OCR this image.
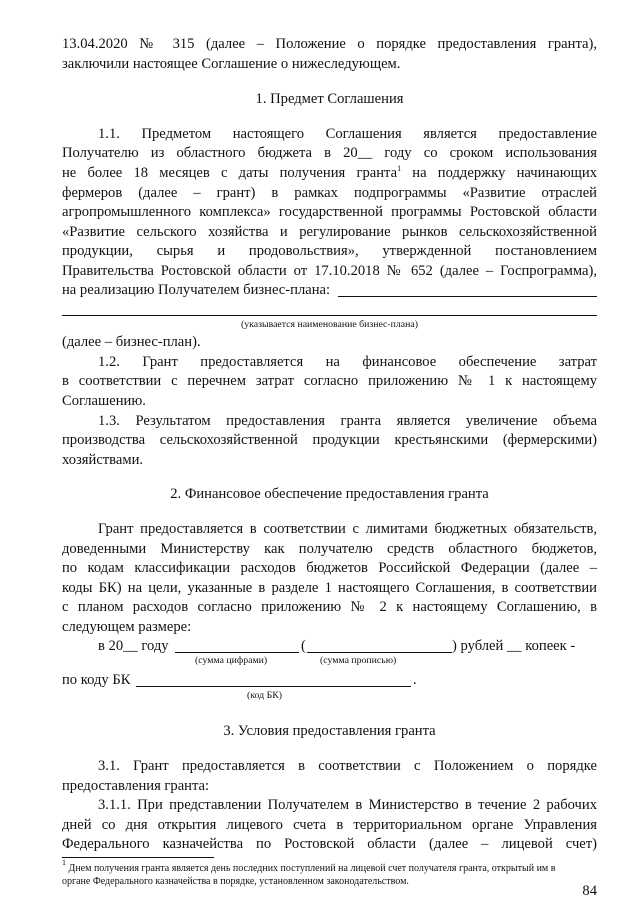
13.04.2020 № 315 (далее – Положение о порядке предоставления гранта),
заключили настоящее Соглашение о нижеследующем.
1. Предмет Соглашения
1.1. Предметом настоящего Соглашения является предоставление
Получателю из областного бюджета в 20__ году со сроком использования
не более 18 месяцев с даты получения гранта$^1$ на поддержку начинающих
фермеров (далее – грант) в рамках подпрограммы «Развитие отраслей
агропромышленного комплекса» государственной программы Ростовской области
«Развитие сельского хозяйства и регулирование рынков сельскохозяйственной
продукции, сырья и продовольствия», утвержденной постановлением
Правительства Ростовской области от 17.10.2018 № 652 (далее – Госпрограмма),
на реализацию Получателем бизнес-плана:
(указывается наименование бизнес-плана)
(далее – бизнес-план).
1.2. Грант предоставляется на финансовое обеспечение затрат
в соответствии с перечнем затрат согласно приложению № 1 к настоящему
Соглашению.
1.3. Результатом предоставления гранта является увеличение объема
производства сельскохозяйственной продукции крестьянскими (фермерскими)
хозяйствами.
2. Финансовое обеспечение предоставления гранта
Грант предоставляется в соответствии с лимитами бюджетных обязательств,
доведенными Министерству как получателю средств областного бюджетов,
по кодам классификации расходов бюджетов Российской Федерации (далее –
коды БК) на цели, указанные в разделе 1 настоящего Соглашения, в соответствии
с планом расходов согласно приложению № 2 к настоящему Соглашению, в
следующем размере:
в 20__ году	(	) рублей __ копеек -
(сумма цифрами)	(сумма прописью)
по коду БК	.
(код БК)
3. Условия предоставления гранта
3.1. Грант предоставляется в соответствии с Положением о порядке
предоставления гранта:
3.1.1. При представлении Получателем в Министерство в течение 2 рабочих
дней со дня открытия лицевого счета в территориальном органе Управления
Федерального казначейства по Ростовской области (далее – лицевой счет)
$^1$ Днем получения гранта является день последних поступлений на лицевой счет получателя гранта, открытый им в
органе Федерального казначейства в порядке, установленном законодательством.
84
